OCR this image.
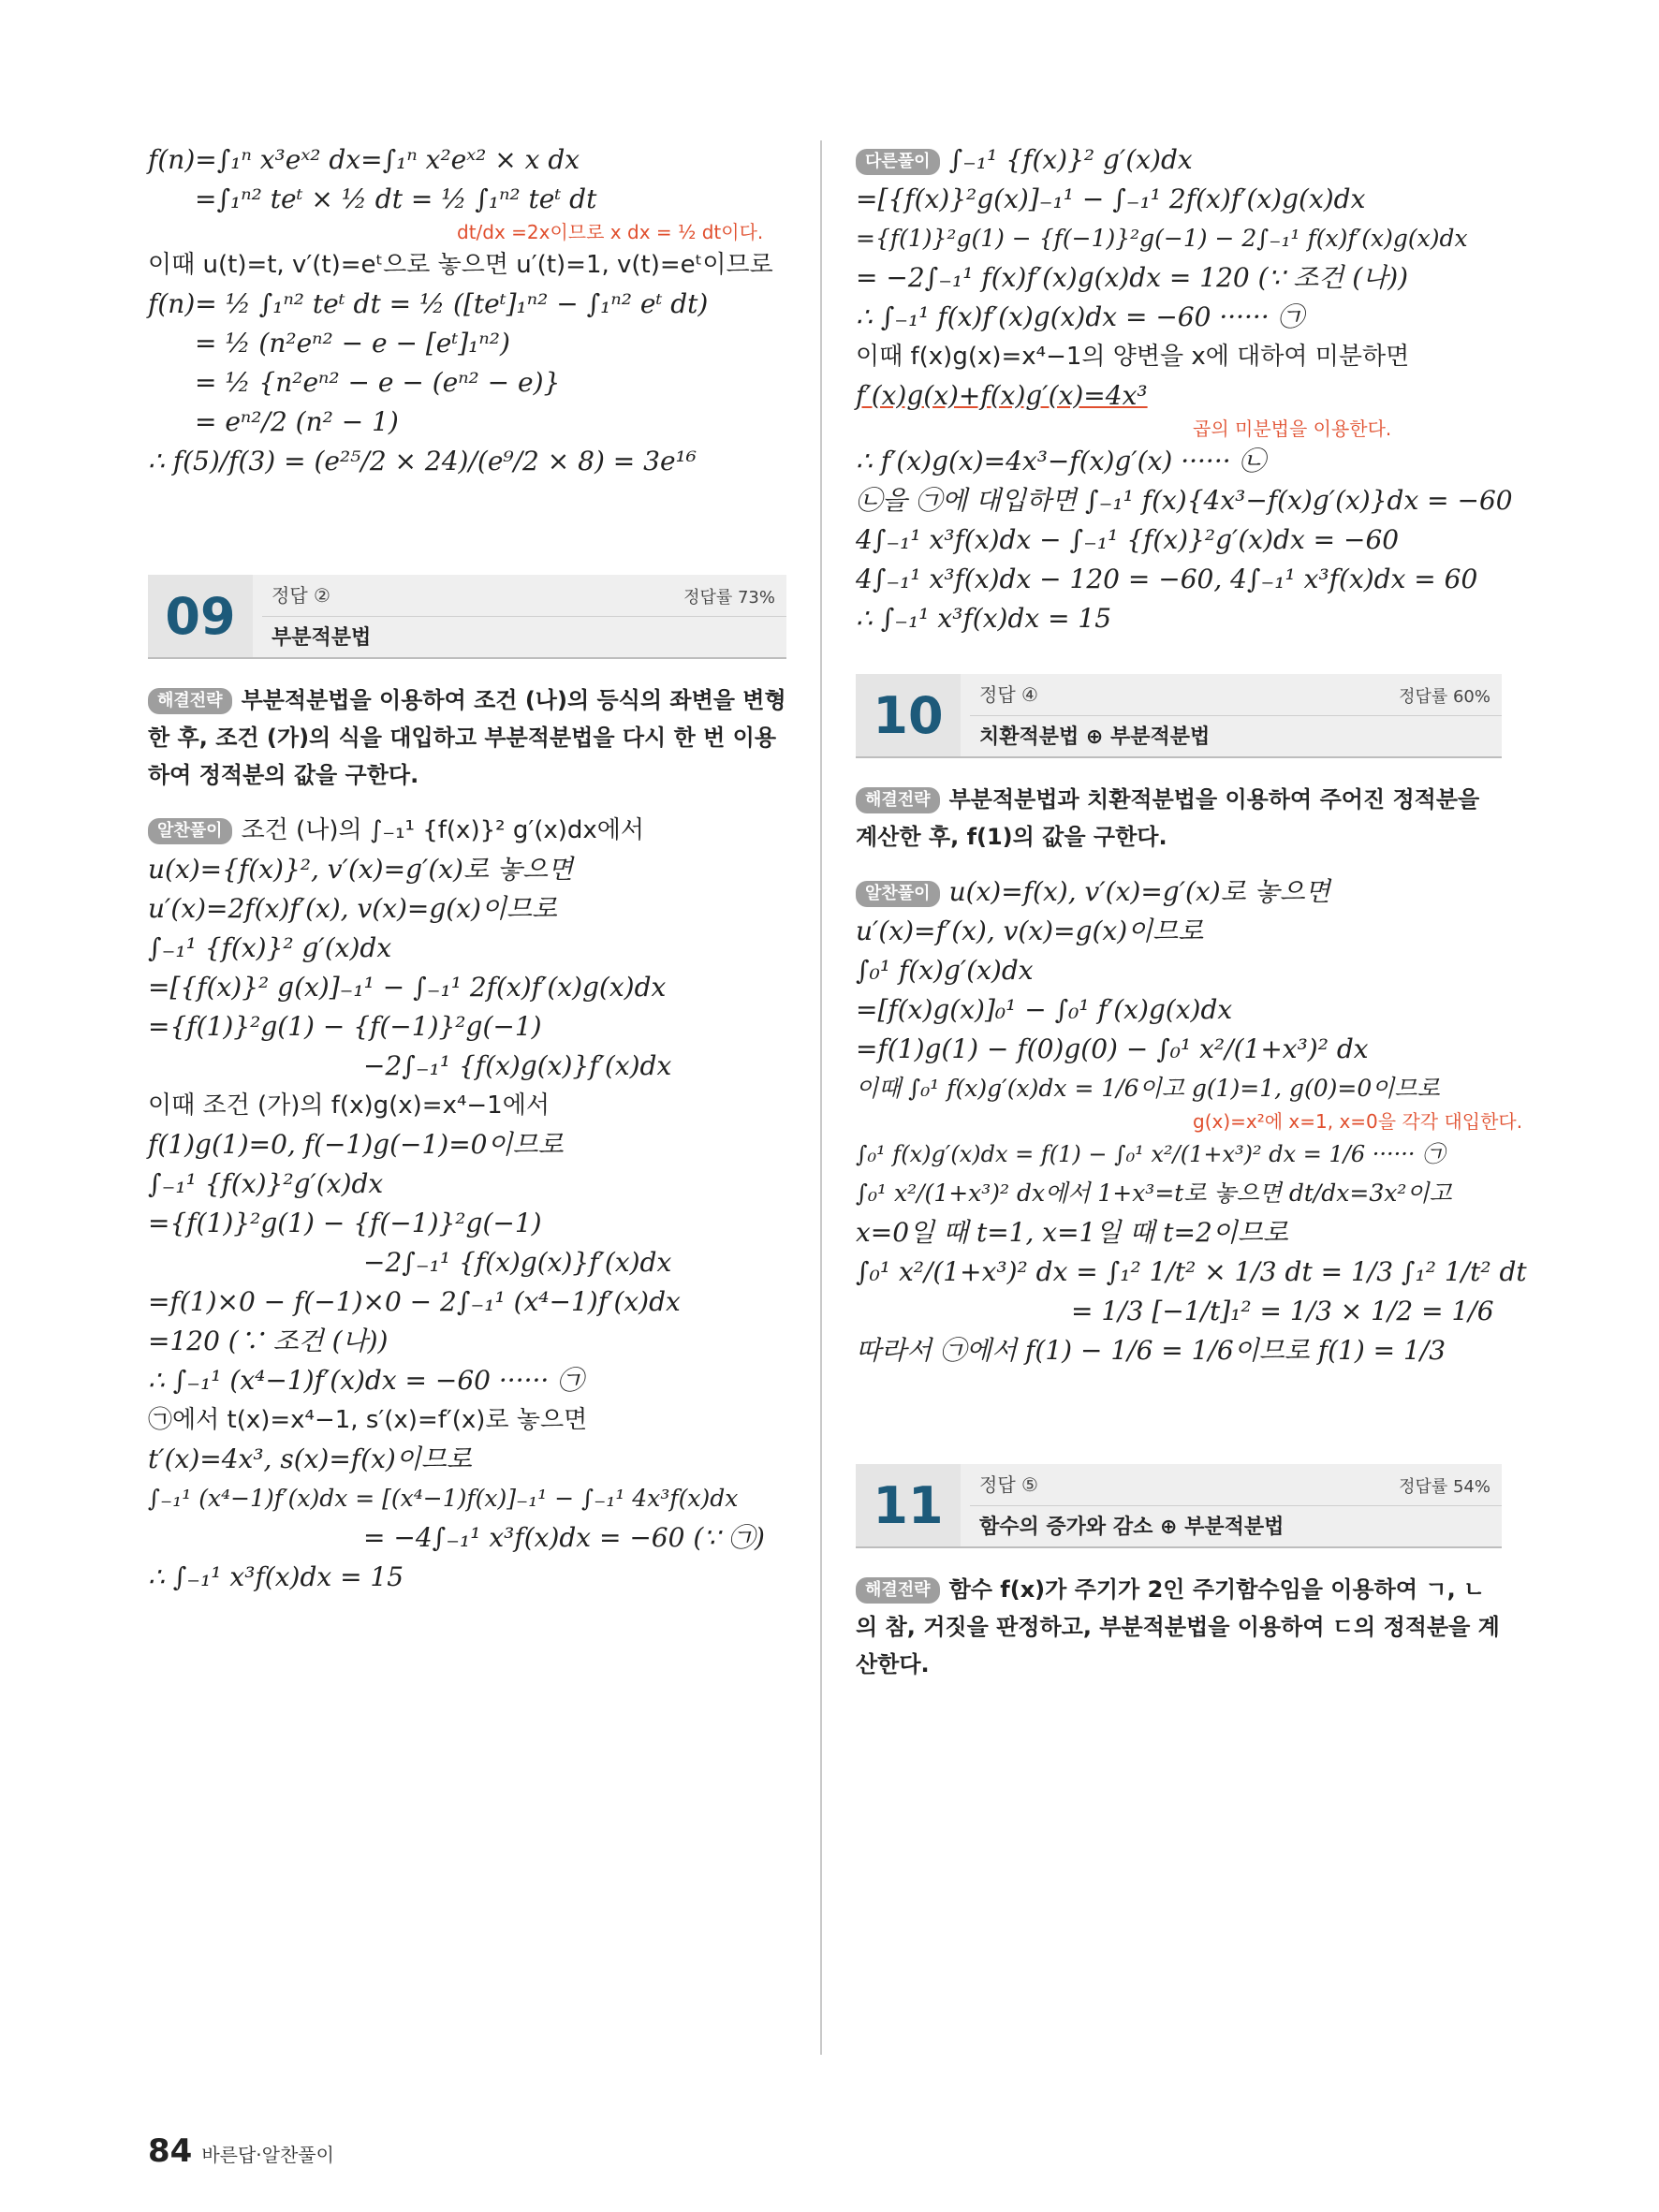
f(n)=∫₁ⁿ x³eˣ² dx=∫₁ⁿ x²eˣ² × x dx
=∫₁ⁿ² teᵗ × ½ dt = ½ ∫₁ⁿ² teᵗ dt
dt/dx =2x이므로 x dx = ½ dt이다.
이때 u(t)=t, v′(t)=eᵗ으로 놓으면 u′(t)=1, v(t)=eᵗ이므로
f(n)= ½ ∫₁ⁿ² teᵗ dt = ½ ([teᵗ]₁ⁿ² − ∫₁ⁿ² eᵗ dt)
= ½ (n²eⁿ² − e − [eᵗ]₁ⁿ²)
= ½ {n²eⁿ² − e − (eⁿ² − e)}
= eⁿ²/2 (n² − 1)
∴ f(5)/f(3) = (e²⁵/2 × 24)/(e⁹/2 × 8) = 3e¹⁶
09	정답 ②	정답률 73%
부분적분법
해결전략 부분적분법을 이용하여 조건 (나)의 등식의 좌변을 변형한 후, 조건 (가)의 식을 대입하고 부분적분법을 다시 한 번 이용하여 정적분의 값을 구한다.
알찬풀이 조건 (나)의 ∫₋₁¹ {f(x)}² g′(x)dx에서
u(x)={f(x)}², v′(x)=g′(x)로 놓으면
u′(x)=2f(x)f′(x), v(x)=g(x)이므로
∫₋₁¹ {f(x)}² g′(x)dx
=[{f(x)}² g(x)]₋₁¹ − ∫₋₁¹ 2f(x)f′(x)g(x)dx
={f(1)}²g(1) − {f(−1)}²g(−1)
−2∫₋₁¹ {f(x)g(x)}f′(x)dx
이때 조건 (가)의 f(x)g(x)=x⁴−1에서
f(1)g(1)=0, f(−1)g(−1)=0이므로
∫₋₁¹ {f(x)}²g′(x)dx
={f(1)}²g(1) − {f(−1)}²g(−1)
−2∫₋₁¹ {f(x)g(x)}f′(x)dx
=f(1)×0 − f(−1)×0 − 2∫₋₁¹ (x⁴−1)f′(x)dx
=120 (∵ 조건 (나))
∴ ∫₋₁¹ (x⁴−1)f′(x)dx = −60 ······ ㉠
㉠에서 t(x)=x⁴−1, s′(x)=f′(x)로 놓으면
t′(x)=4x³, s(x)=f(x)이므로
∫₋₁¹ (x⁴−1)f′(x)dx = [(x⁴−1)f(x)]₋₁¹ − ∫₋₁¹ 4x³f(x)dx
= −4∫₋₁¹ x³f(x)dx = −60 (∵ ㉠)
∴ ∫₋₁¹ x³f(x)dx = 15
다른풀이 ∫₋₁¹ {f(x)}² g′(x)dx
=[{f(x)}²g(x)]₋₁¹ − ∫₋₁¹ 2f(x)f′(x)g(x)dx
={f(1)}²g(1) − {f(−1)}²g(−1) − 2∫₋₁¹ f(x)f′(x)g(x)dx
= −2∫₋₁¹ f(x)f′(x)g(x)dx = 120 (∵ 조건 (나))
∴ ∫₋₁¹ f(x)f′(x)g(x)dx = −60 ······ ㉠
이때 f(x)g(x)=x⁴−1의 양변을 x에 대하여 미분하면
f′(x)g(x)+f(x)g′(x)=4x³
곱의 미분법을 이용한다.
∴ f′(x)g(x)=4x³−f(x)g′(x) ······ ㉡
㉡을 ㉠에 대입하면 ∫₋₁¹ f(x){4x³−f(x)g′(x)}dx = −60
4∫₋₁¹ x³f(x)dx − ∫₋₁¹ {f(x)}²g′(x)dx = −60
4∫₋₁¹ x³f(x)dx − 120 = −60, 4∫₋₁¹ x³f(x)dx = 60
∴ ∫₋₁¹ x³f(x)dx = 15
10	정답 ④	정답률 60%
치환적분법 ⊕ 부분적분법
해결전략 부분적분법과 치환적분법을 이용하여 주어진 정적분을 계산한 후, f(1)의 값을 구한다.
알찬풀이 u(x)=f(x), v′(x)=g′(x)로 놓으면
u′(x)=f′(x), v(x)=g(x)이므로
∫₀¹ f(x)g′(x)dx
=[f(x)g(x)]₀¹ − ∫₀¹ f′(x)g(x)dx
=f(1)g(1) − f(0)g(0) − ∫₀¹ x²/(1+x³)² dx
이때 ∫₀¹ f(x)g′(x)dx = 1/6이고 g(1)=1, g(0)=0이므로
g(x)=x²에 x=1, x=0을 각각 대입한다.
∫₀¹ f(x)g′(x)dx = f(1) − ∫₀¹ x²/(1+x³)² dx = 1/6 ······ ㉠
∫₀¹ x²/(1+x³)² dx에서 1+x³=t로 놓으면 dt/dx=3x²이고
x=0일 때 t=1, x=1일 때 t=2이므로
∫₀¹ x²/(1+x³)² dx = ∫₁² 1/t² × 1/3 dt = 1/3 ∫₁² 1/t² dt
= 1/3 [−1/t]₁² = 1/3 × 1/2 = 1/6
따라서 ㉠에서 f(1) − 1/6 = 1/6이므로 f(1) = 1/3
11	정답 ⑤	정답률 54%
함수의 증가와 감소 ⊕ 부분적분법
해결전략 함수 f(x)가 주기가 2인 주기함수임을 이용하여 ㄱ, ㄴ의 참, 거짓을 판정하고, 부분적분법을 이용하여 ㄷ의 정적분을 계산한다.
84 바른답·알찬풀이
